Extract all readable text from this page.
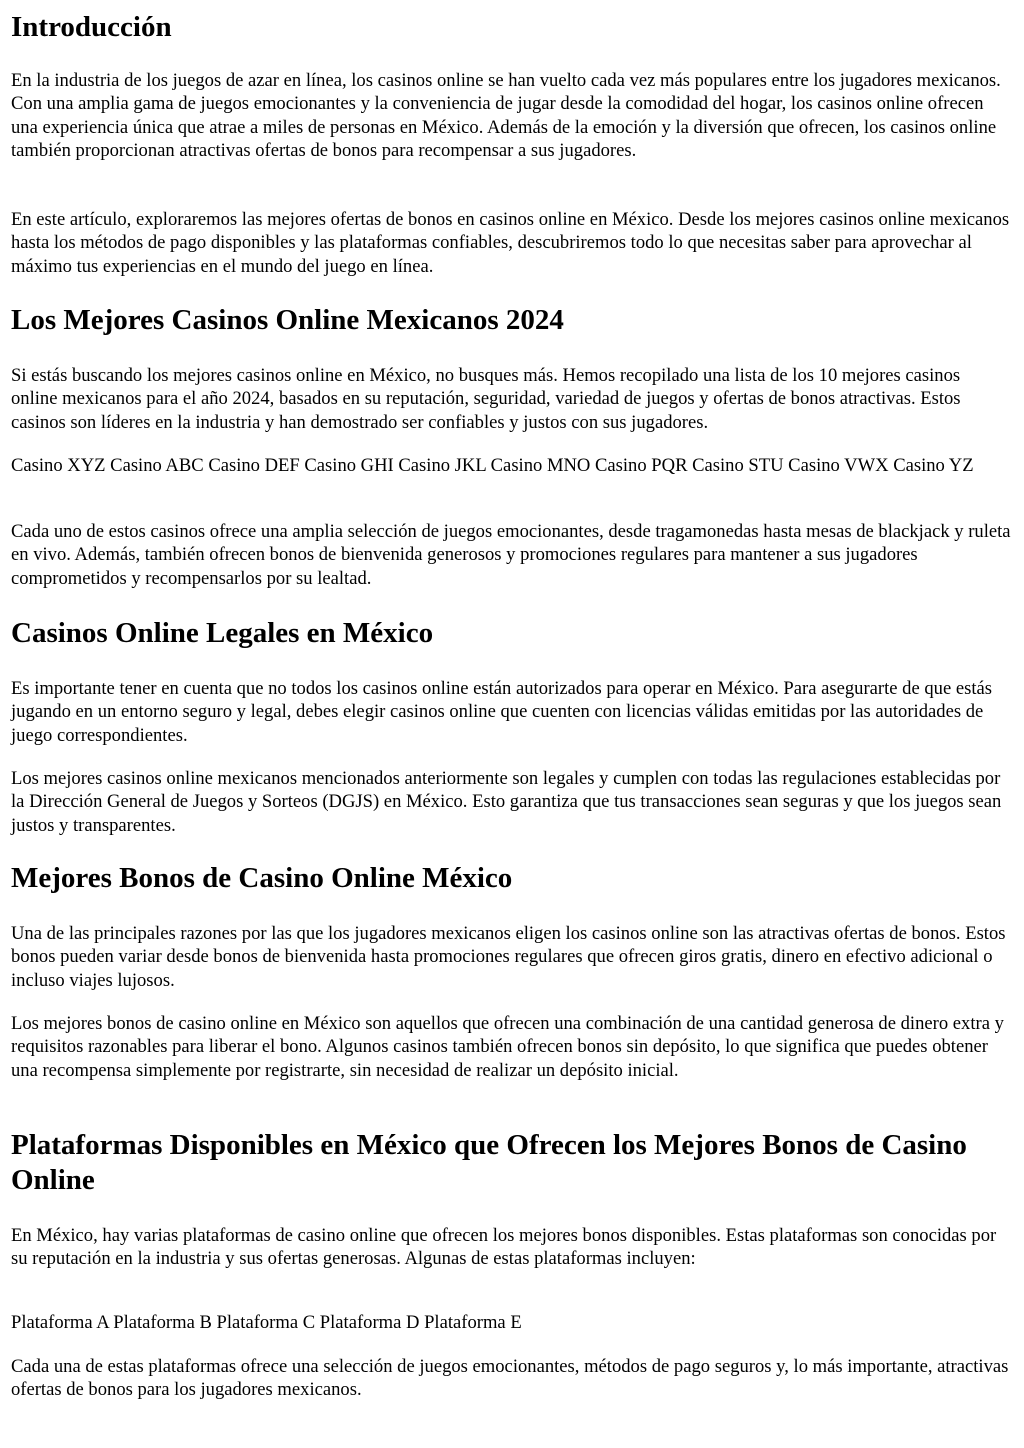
Introducción

En la industria de los juegos de azar en línea, los casinos online se han vuelto cada vez más populares entre los jugadores mexicanos. Con una amplia gama de juegos emocionantes y la conveniencia de jugar desde la comodidad del hogar, los casinos online ofrecen una experiencia única que atrae a miles de personas en México. Además de la emoción y la diversión que ofrecen, los casinos online también proporcionan atractivas ofertas de bonos para recompensar a sus jugadores.

En este artículo, exploraremos las mejores ofertas de bonos en casinos online en México. Desde los mejores casinos online mexicanos hasta los métodos de pago disponibles y las plataformas confiables, descubriremos todo lo que necesitas saber para aprovechar al máximo tus experiencias en el mundo del juego en línea.

Los Mejores Casinos Online Mexicanos 2024

Si estás buscando los mejores casinos online en México, no busques más. Hemos recopilado una lista de los 10 mejores casinos online mexicanos para el año 2024, basados en su reputación, seguridad, variedad de juegos y ofertas de bonos atractivas. Estos casinos son líderes en la industria y han demostrado ser confiables y justos con sus jugadores.

Casino XYZ Casino ABC Casino DEF Casino GHI Casino JKL Casino MNO Casino PQR Casino STU Casino VWX Casino YZ

Cada uno de estos casinos ofrece una amplia selección de juegos emocionantes, desde tragamonedas hasta mesas de blackjack y ruleta en vivo. Además, también ofrecen bonos de bienvenida generosos y promociones regulares para mantener a sus jugadores comprometidos y recompensarlos por su lealtad.

Casinos Online Legales en México

Es importante tener en cuenta que no todos los casinos online están autorizados para operar en México. Para asegurarte de que estás jugando en un entorno seguro y legal, debes elegir casinos online que cuenten con licencias válidas emitidas por las autoridades de juego correspondientes.

Los mejores casinos online mexicanos mencionados anteriormente son legales y cumplen con todas las regulaciones establecidas por la Dirección General de Juegos y Sorteos (DGJS) en México. Esto garantiza que tus transacciones sean seguras y que los juegos sean justos y transparentes.

Mejores Bonos de Casino Online México

Una de las principales razones por las que los jugadores mexicanos eligen los casinos online son las atractivas ofertas de bonos. Estos bonos pueden variar desde bonos de bienvenida hasta promociones regulares que ofrecen giros gratis, dinero en efectivo adicional o incluso viajes lujosos.

Los mejores bonos de casino online en México son aquellos que ofrecen una combinación de una cantidad generosa de dinero extra y requisitos razonables para liberar el bono. Algunos casinos también ofrecen bonos sin depósito, lo que significa que puedes obtener una recompensa simplemente por registrarte, sin necesidad de realizar un depósito inicial.

Plataformas Disponibles en México que Ofrecen los Mejores Bonos de Casino Online

En México, hay varias plataformas de casino online que ofrecen los mejores bonos disponibles. Estas plataformas son conocidas por su reputación en la industria y sus ofertas generosas. Algunas de estas plataformas incluyen:

Plataforma A Plataforma B Plataforma C Plataforma D Plataforma E

Cada una de estas plataformas ofrece una selección de juegos emocionantes, métodos de pago seguros y, lo más importante, atractivas ofertas de bonos para los jugadores mexicanos.
